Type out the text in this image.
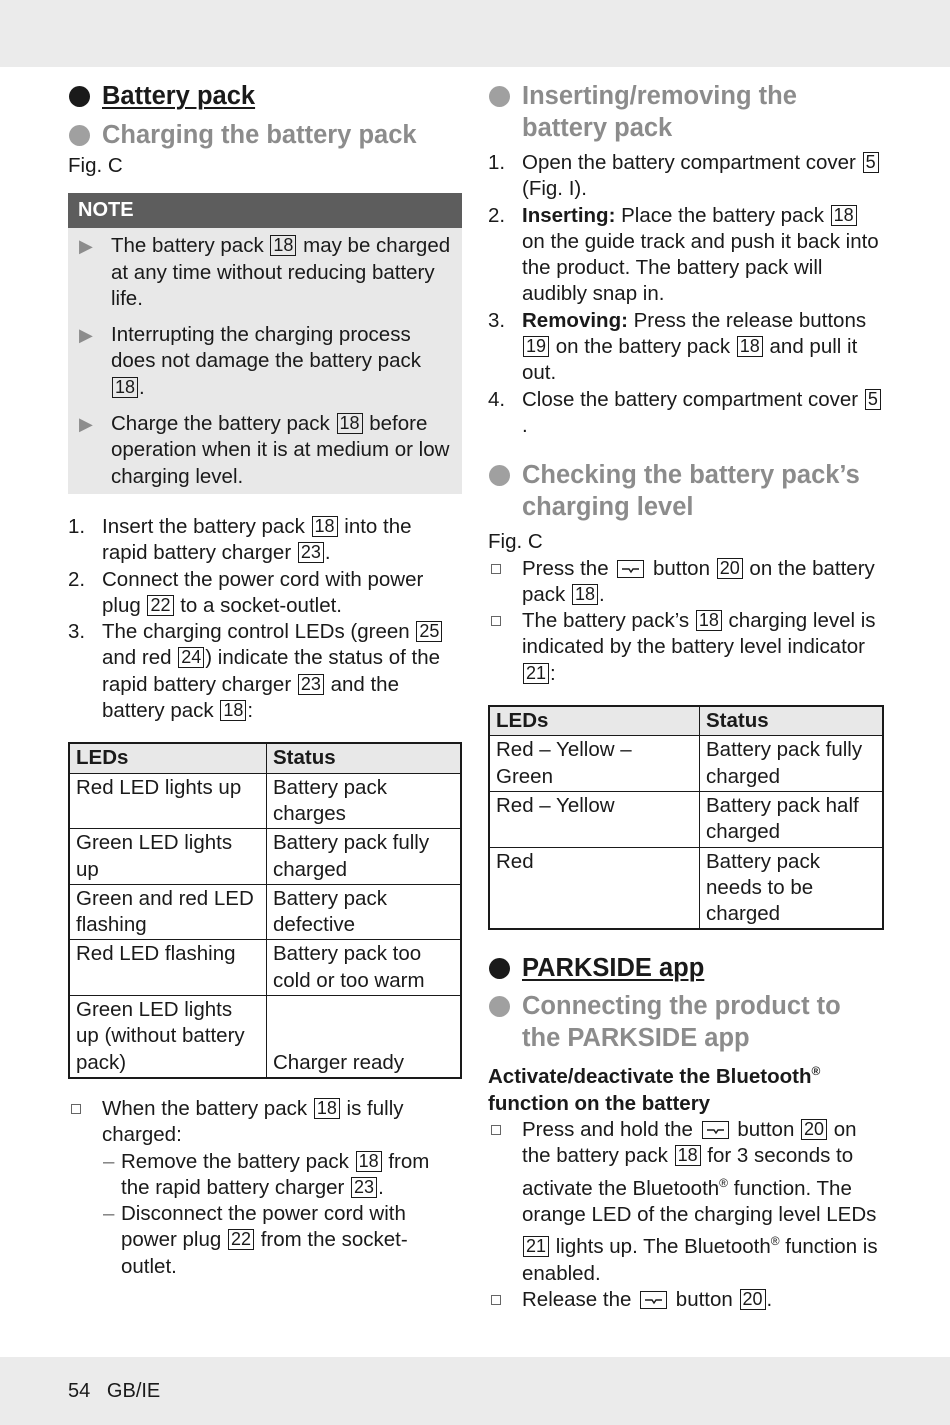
Battery pack
Charging the battery pack
Fig. C
NOTE
▶ The battery pack 18 may be charged at any time without reducing battery life.
▶ Interrupting the charging process does not damage the battery pack 18 .
▶ Charge the battery pack 18 before operation when it is at medium or low charging level.
1. Insert the battery pack 18 into the rapid battery charger 23 .
2. Connect the power cord with power plug 22 to a socket-outlet.
3. The charging control LEDs (green 25 and red 24 ) indicate the status of the rapid battery charger 23 and the battery pack 18 :
LEDs	Status
Red LED lights up	Battery pack charges
Green LED lights up	Battery pack fully charged
Green and red LED flashing	Battery pack defective
Red LED flashing	Battery pack too cold or too warm
Green LED lights up (without battery pack)	Charger ready
When the battery pack 18 is fully charged:
– Remove the battery pack 18 from the rapid battery charger 23 .
– Disconnect the power cord with power plug 22 from the socket-outlet.
Inserting/removing the battery pack
1. Open the battery compartment cover 5 (Fig. I).
2. Inserting: Place the battery pack 18 on the guide track and push it back into the product. The battery pack will audibly snap in.
3. Removing: Press the release buttons 19 on the battery pack 18 and pull it out.
4. Close the battery compartment cover 5.
Checking the battery pack’s charging level
Fig. C
Press the
button 20 on the battery pack 18 .
The battery pack’s 18 charging level is indicated by the battery level indicator 21 :
LEDs	Status
Red – Yellow – Green	Battery pack fully charged
Red – Yellow	Battery pack half charged
Red	Battery pack needs to be charged
PARKSIDE app
Connecting the product to the PARKSIDE app
Activate/deactivate the Bluetooth® function on the battery
Press and hold the
button 20 on the battery pack 18 for 3 seconds to activate the Bluetooth® function. The orange LED of the charging level LEDs 21 lights up. The Bluetooth® function is enabled.
Release the
button 20 .
54   GB/IE
